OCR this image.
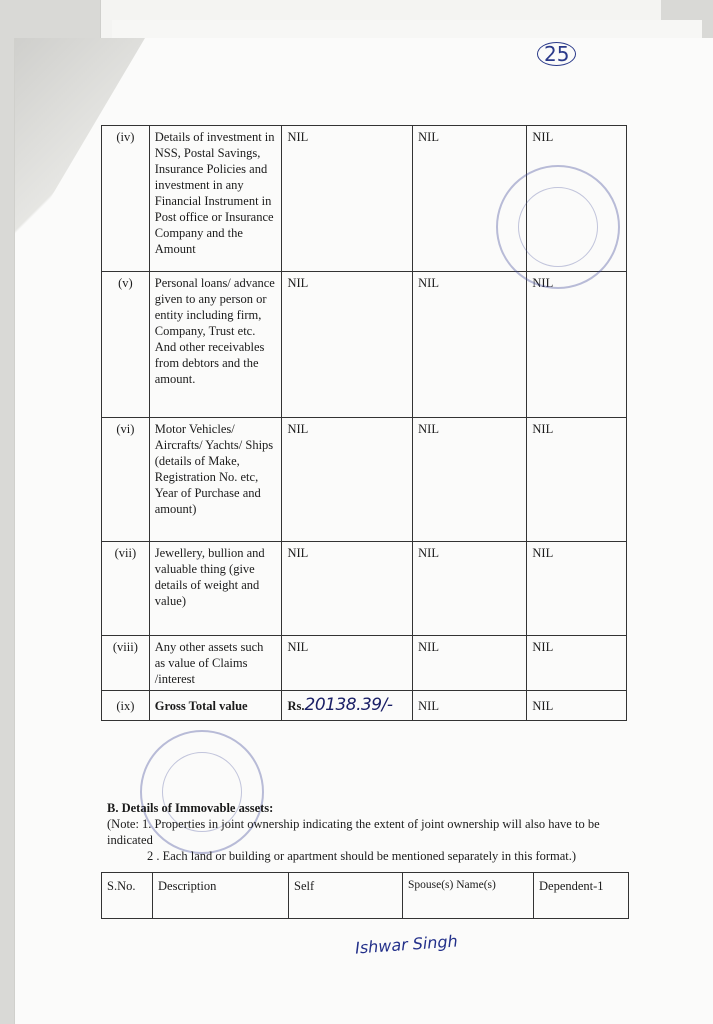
25
(iv)	Details of investment in NSS, Postal Savings, Insurance Policies and investment in any Financial Instrument in Post office or Insurance Company and the Amount	NIL	NIL	NIL
(v)	Personal loans/ advance given to any person or entity including firm, Company, Trust etc. And other receivables from debtors and the amount.	NIL	NIL	NIL
(vi)	Motor Vehicles/ Aircrafts/ Yachts/ Ships (details of Make, Registration No. etc, Year of Purchase and amount)	NIL	NIL	NIL
(vii)	Jewellery, bullion and valuable thing (give details of weight and value)	NIL	NIL	NIL
(viii)	Any other assets such as value of Claims /interest	NIL	NIL	NIL
(ix)	Gross Total value	Rs.20138.39/-	NIL	NIL
B. Details of Immovable assets:
(Note: 1. Properties in joint ownership indicating the extent of joint ownership will also have to be indicated
2 . Each land or building or apartment should be mentioned separately in this format.)
S.No.	Description	Self	Spouse(s) Name(s)	Dependent-1
Ishwar Singh
